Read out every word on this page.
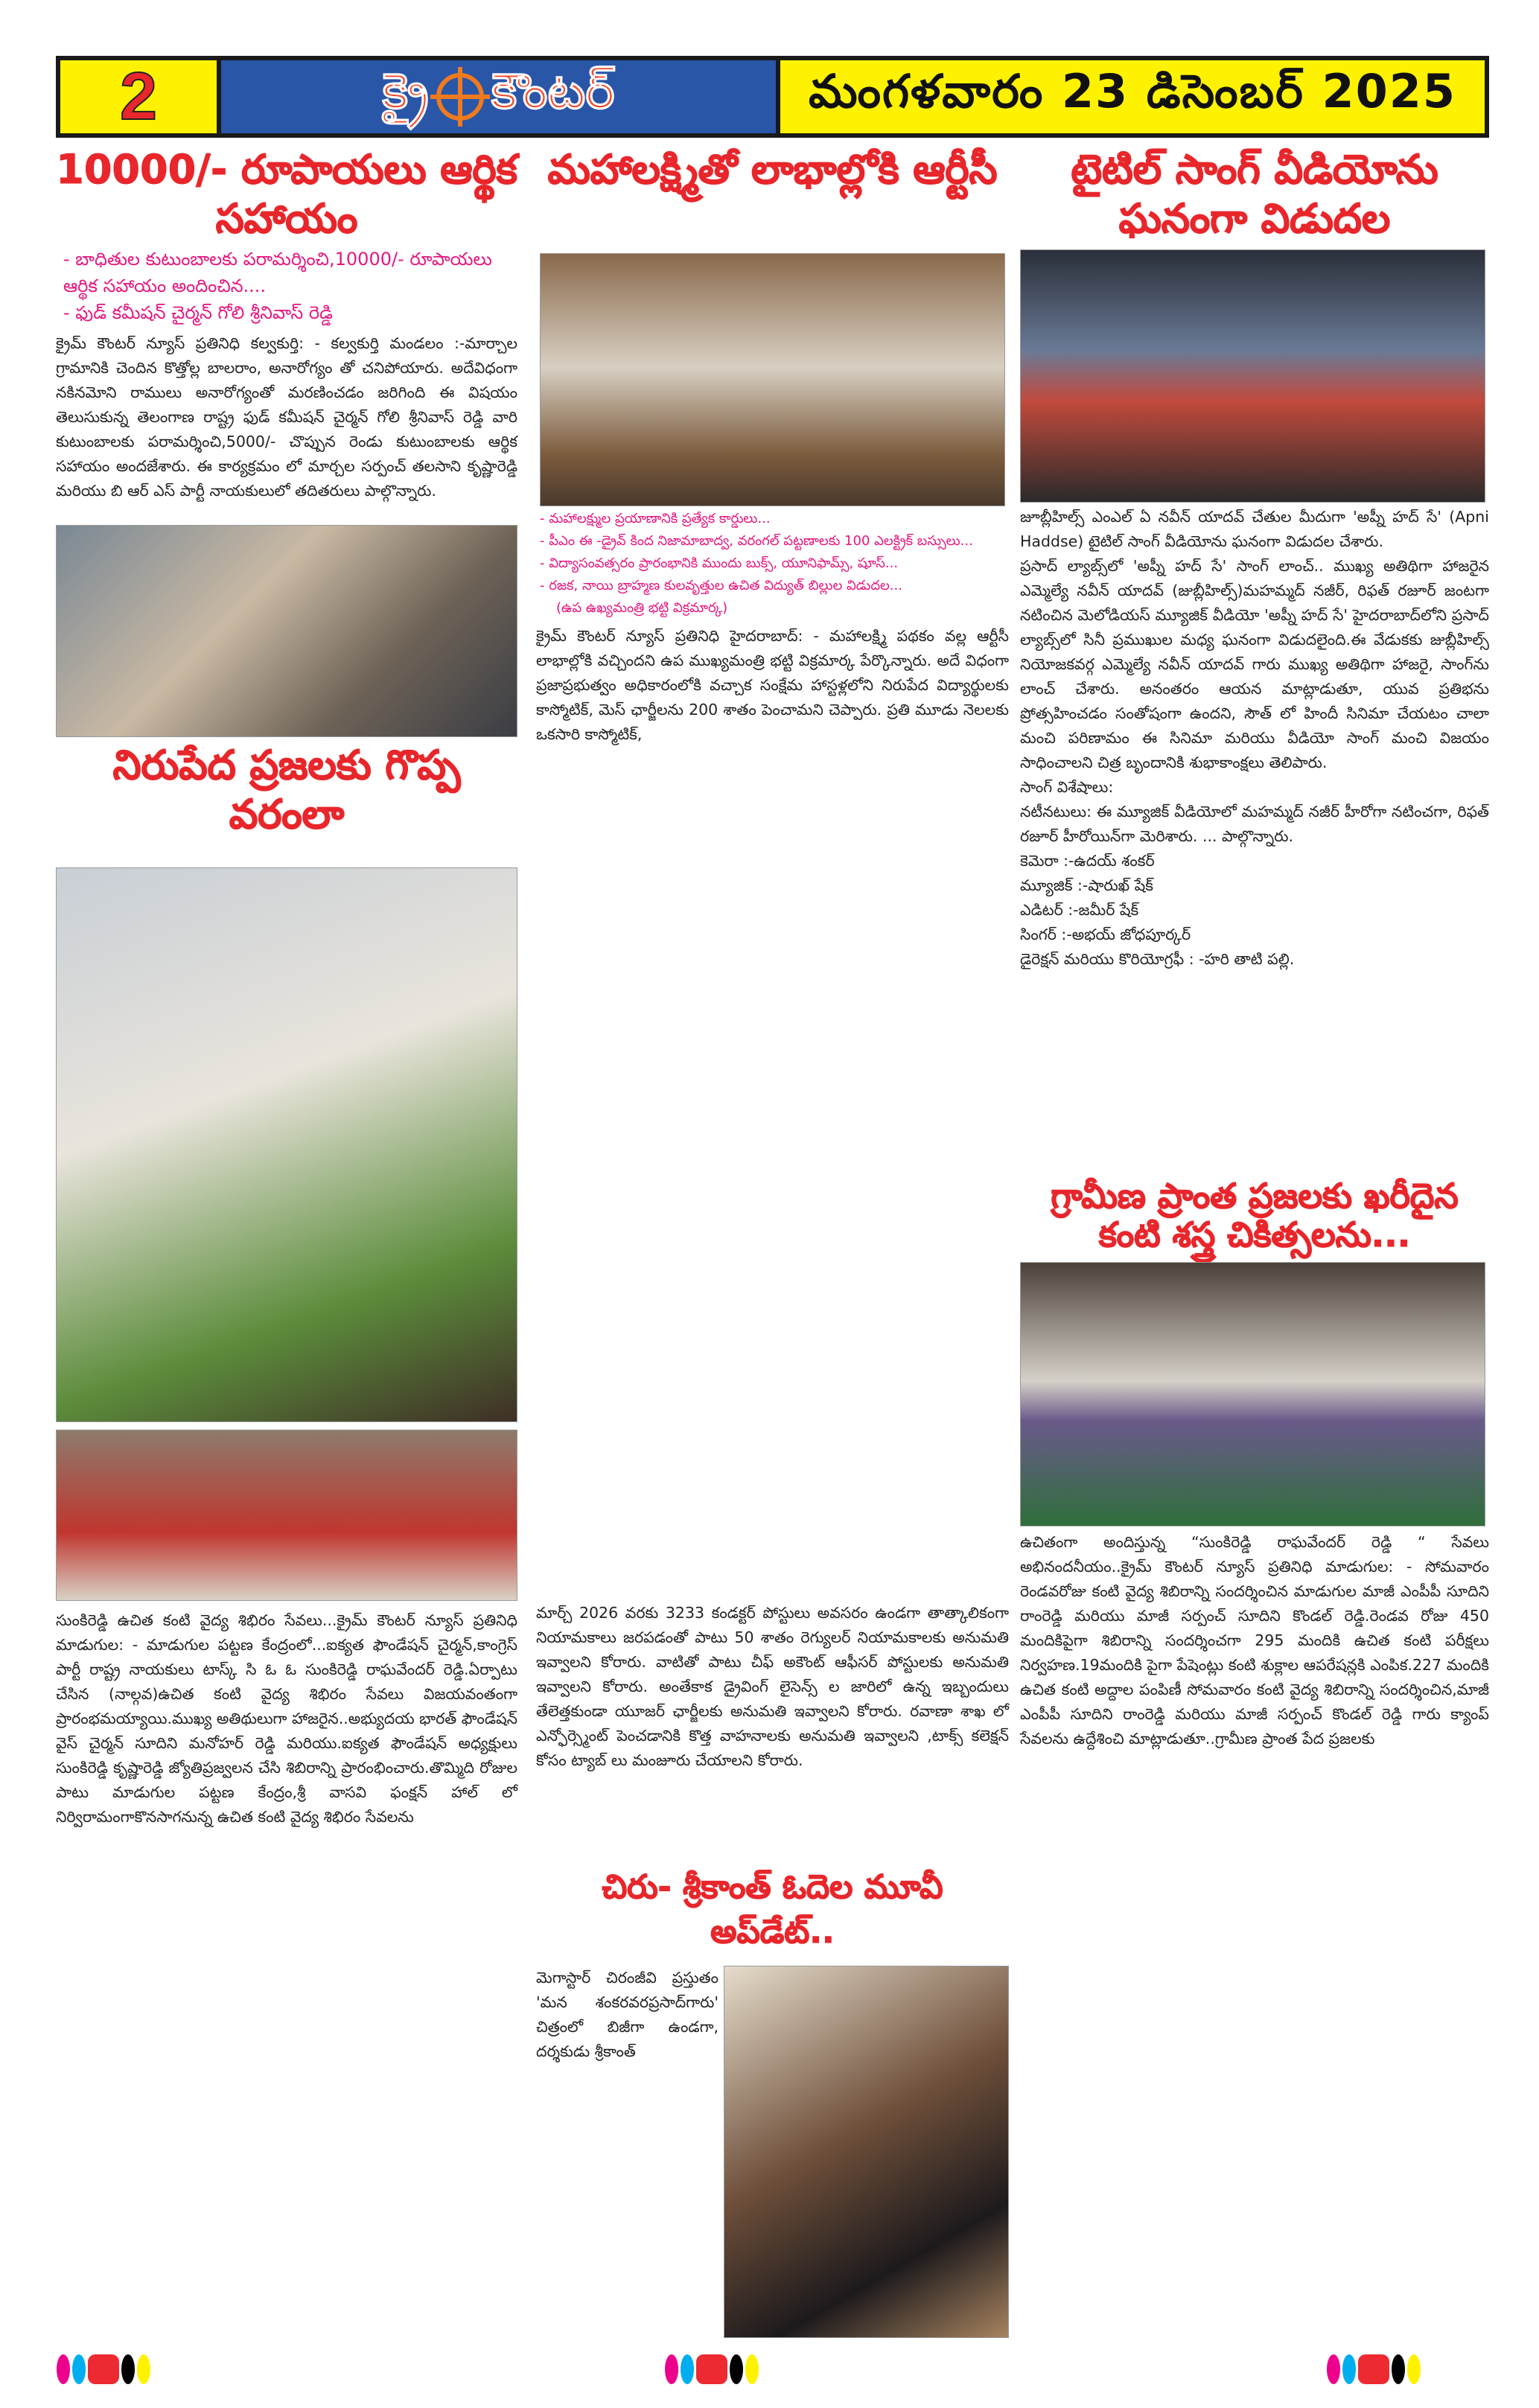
2	క్రై కౌంటర్	మంగళవారం 23 డిసెంబర్ 2025
10000/- రూపాయలు ఆర్థిక సహాయం
- బాధితుల కుటుంబాలకు పరామర్శించి,10000/- రూపాయలు ఆర్థిక సహాయం అందించిన....
- ఫుడ్ కమీషన్ చైర్మన్ గోలి శ్రీనివాస్ రెడ్డి
క్రైమ్ కౌంటర్ న్యూస్ ప్రతినిధి కల్వకుర్తి: - కల్వకుర్తి మండలం :-మార్చాల గ్రామానికి చెందిన కొత్తోల్ల బాలరాం, అనారోగ్యం తో చనిపోయారు. అదేవిధంగా నకినమోని రాములు అనారోగ్యంతో మరణించడం జరిగింది ఈ విషయం తెలుసుకున్న తెలంగాణ రాష్ట్ర ఫుడ్ కమీషన్ చైర్మన్ గోలి శ్రీనివాస్ రెడ్డి వారి కుటుంబాలకు పరామర్శించి,5000/- చొప్పున రెండు కుటుంబాలకు ఆర్థిక సహాయం అందజేశారు. ఈ కార్యక్రమం లో మార్చల సర్పంచ్ తలసాని కృష్ణారెడ్డి మరియు బి ఆర్ ఎస్ పార్టీ నాయకులులో తదితరులు పాల్గొన్నారు.
నిరుపేద ప్రజలకు గొప్ప వరంలా
సుంకిరెడ్డి ఉచిత కంటి వైద్య శిభిరం సేవలు...క్రైమ్ కౌంటర్ న్యూస్ ప్రతినిధి మాడుగుల: - మాడుగుల పట్టణ కేంద్రంలో...ఐక్యత ఫౌండేషన్ చైర్మన్,కాంగ్రెస్ పార్టీ రాష్ట్ర నాయకులు టాస్క్ సి ఓ ఓ సుంకిరెడ్డి రాఘవేందర్ రెడ్డి.ఏర్పాటు చేసిన (నాల్గవ)ఉచిత కంటి వైద్య శిభిరం సేవలు విజయవంతంగా ప్రారంభమయ్యాయి.ముఖ్య అతిథులుగా హాజరైన..అభ్యుదయ భారత్ ఫౌండేషన్ వైస్ చైర్మన్ సూదిని మనోహర్ రెడ్డి మరియు.ఐక్యత ఫౌండేషన్ అధ్యక్షులు సుంకిరెడ్డి కృష్ణారెడ్డి జ్యోతిప్రజ్వలన చేసి శిబిరాన్ని ప్రారంభించారు.తొమ్మిది రోజుల పాటు మాడుగుల పట్టణ కేంద్రం,శ్రీ వాసవి ఫంక్షన్ హాల్ లో నిర్విరామంగాకొనసాగనున్న ఉచిత కంటి వైద్య శిభిరం సేవలను
మహాలక్ష్మితో లాభాల్లోకి ఆర్టీసీ
- మహాలక్ష్ముల ప్రయాణానికి ప్రత్యేక కార్డులు...
- పీఎం ఈ -డ్రైవ్ కింద నిజామాబాద్వ, వరంగల్ పట్టణాలకు 100 ఎలక్ట్రిక్ బస్సులు...
- విద్యాసంవత్సరం ప్రారంభానికి ముందు బుక్స్, యూనిఫామ్స్, షూస్...
- రజక, నాయి బ్రాహ్మణ కులవృత్తుల ఉచిత విద్యుత్ బిల్లుల విడుదల...
(ఉప ఉఖ్యమంత్రి భట్టి విక్రమార్క)
క్రైమ్ కౌంటర్ న్యూస్ ప్రతినిధి హైదరాబాద్: - మహాలక్ష్మి పథకం వల్ల ఆర్టీసీ లాభాల్లోకి వచ్చిందని ఉప ముఖ్యమంత్రి భట్టి విక్రమార్క పేర్కొన్నారు. అదే విధంగా ప్రజాప్రభుత్వం అధికారంలోకి వచ్చాక సంక్షేమ హాస్టళ్లలోని నిరుపేద విద్యార్థులకు కాస్మోటిక్, మెస్ ఛార్జీలను 200 శాతం పెంచామని చెప్పారు. ప్రతి మూడు నెలలకు ఒకసారి కాస్మోటిక్,
మార్చ్ 2026 వరకు 3233 కండక్టర్ పోస్టులు అవసరం ఉండగా తాత్కాలికంగా నియామకాలు జరపడంతో పాటు 50 శాతం రెగ్యులర్ నియామకాలకు అనుమతి ఇవ్వాలని కోరారు. వాటితో పాటు చీఫ్ అకౌంట్ ఆఫీసర్ పోస్టులకు అనుమతి ఇవ్వాలని కోరారు. అంతేకాక డ్రైవింగ్ లైసెన్స్ ల జారిలో ఉన్న ఇబ్బందులు తేలెత్తకుండా యూజర్ ఛార్జీలకు అనుమతి ఇవ్వాలని కోరారు. రవాణా శాఖ లో ఎన్ఫోర్స్మెంట్ పెంచడానికి కొత్త వాహనాలకు అనుమతి ఇవ్వాలని ,టాక్స్ కలెక్షన్ కోసం ట్యాబ్ లు మంజూరు చేయాలని కోరారు.
చిరు- శ్రీకాంత్ ఓదెల మూవీ అప్‌డేట్..
మెగాస్టార్ చిరంజీవి ప్రస్తుతం 'మన శంకరవరప్రసాద్‌గారు' చిత్రంలో బిజీగా ఉండగా, దర్శకుడు శ్రీకాంత్
టైటిల్ సాంగ్ వీడియోను ఘనంగా విడుదల

జూబ్లీహిల్స్ ఎంఎల్ ఏ నవీన్ యాదవ్ చేతుల మీదుగా 'అప్నీ హద్ సే' (Apni Haddse) టైటిల్ సాంగ్ వీడియోను ఘనంగా విడుదల చేశారు.

ప్రసాద్ ల్యాబ్స్‌లో 'అప్నీ హద్ సే' సాంగ్ లాంచ్.. ముఖ్య అతిథిగా హాజరైన ఎమ్మెల్యే నవీన్ యాదవ్ (జుబ్లీహిల్స్)మహమ్మద్ నజీర్, రిఫత్ రజూర్ జంటగా నటించిన మెలోడియస్ మ్యూజిక్ వీడియో 'అప్నీ హద్ సే' హైదరాబాద్‌లోని ప్రసాద్ ల్యాబ్స్‌లో సినీ ప్రముఖుల మధ్య ఘనంగా విడుదలైంది.ఈ వేడుకకు జుబ్లీహిల్స్ నియోజకవర్గ ఎమ్మెల్యే నవీన్ యాదవ్ గారు ముఖ్య అతిథిగా హాజరై, సాంగ్‌ను లాంచ్ చేశారు. అనంతరం ఆయన మాట్లాడుతూ, యువ ప్రతిభను ప్రోత్సహించడం సంతోషంగా ఉందని, సౌత్ లో హిందీ సినిమా చేయటం చాలా మంచి పరిణామం ఈ సినిమా మరియు వీడియో సాంగ్ మంచి విజయం సాధించాలని చిత్ర బృందానికి శుభాకాంక్షలు తెలిపారు.

సాంగ్ విశేషాలు:

నటీనటులు: ఈ మ్యూజిక్ వీడియోలో మహమ్మద్ నజీర్ హీరోగా నటించగా, రిఫత్ రజూర్ హీరోయిన్‌గా మెరిశారు. ... పాల్గొన్నారు.

కెమెరా :-ఉదయ్ శంకర్

మ్యూజిక్ :-షారుఖ్ షేక్

ఎడిటర్ :-జమీర్ షేక్

సింగర్ :-అభయ్ జోధపూర్కర్

డైరెక్షన్ మరియు కొరియోగ్రఫీ : -హరి తాటి పల్లి.

గ్రామీణ ప్రాంత ప్రజలకు ఖరీదైన కంటి శస్త్ర చికిత్సలను...
ఉచితంగా అందిస్తున్న “సుంకిరెడ్డి రాఘవేందర్ రెడ్డి “ సేవలు అభినందనీయం..క్రైమ్ కౌంటర్ న్యూస్ ప్రతినిధి మాడుగుల: - సోమవారం రెండవరోజు కంటి వైద్య శిబిరాన్ని సందర్శించిన మాడుగుల మాజీ ఎంపీపీ సూదిని రాంరెడ్డి మరియు మాజీ సర్పంచ్ సూదిని కొండల్ రెడ్డి.రెండవ రోజు 450 మందికిపైగా శిబిరాన్ని సందర్శించగా 295 మందికి ఉచిత కంటి పరీక్షలు నిర్వహణ.19మందికి పైగా పేషెంట్లు కంటి శుక్లాల ఆపరేషన్లకి ఎంపిక.227 మందికి ఉచిత కంటి అద్దాల పంపిణీ సోమవారం కంటి వైద్య శిబిరాన్ని సందర్శించిన,మాజీ ఎంపీపీ సూదిని రాంరెడ్డి మరియు మాజీ సర్పంచ్ కొండల్ రెడ్డి గారు క్యాంప్ సేవలను ఉద్దేశించి మాట్లాడుతూ..గ్రామీణ ప్రాంత పేద ప్రజలకు
